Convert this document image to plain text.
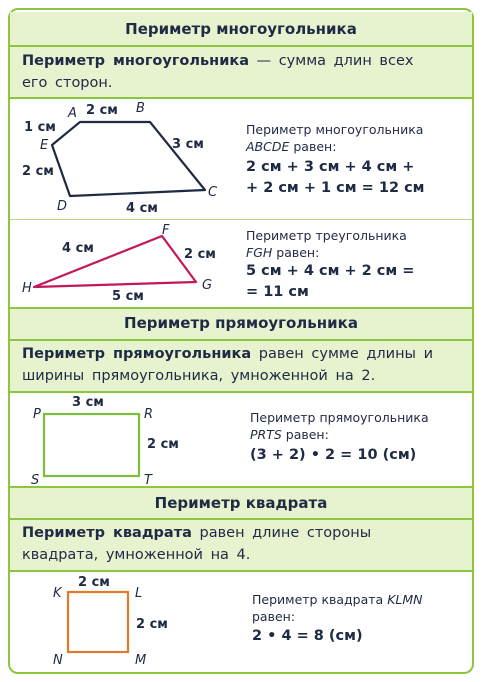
Периметр многоугольника
Периметр многоугольника — сумма длин всех его сторон.
Периметр многоугольника
ABCDE равен:
2 см + 3 см + 4 см +
+ 2 см + 1 см = 12 см
Периметр треугольника
FGH равен:
5 см + 4 см + 2 см =
= 11 см
Периметр прямоугольника
Периметр прямоугольника равен сумме длины и ширины прямоугольника, умноженной на 2.
Периметр прямоугольника
PRTS равен:
(3 + 2) • 2 = 10 (см)
Периметр квадрата
Периметр квадрата равен длине стороны квадрата, умноженной на 4.
Периметр квадрата KLMN
равен:
2 • 4 = 8 (см)
A	B
C
D
E
2 см
3 см
4 см
2 см
1 см
F
G
H
4 см	2 см
5 см
P	R
T
S
3 см
2 см
K	L
M
N
2 см
2 см
